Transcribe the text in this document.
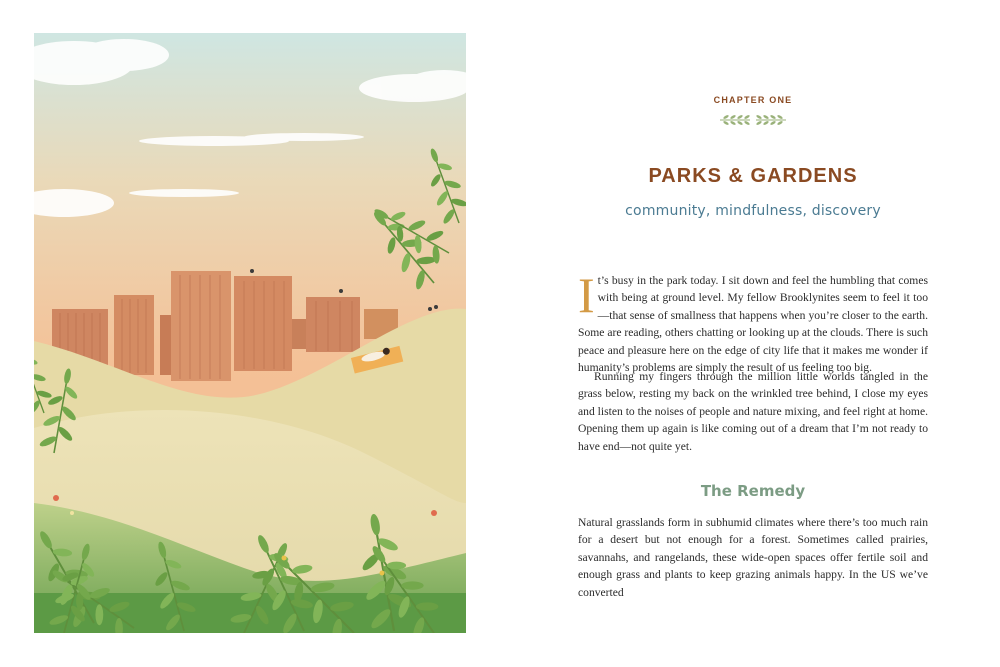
CHAPTER ONE
PARKS & GARDENS
community, mindfulness, discovery

It’s busy in the park today. I sit down and feel the humbling that comes with being at ground level. My fellow Brooklynites seem to feel it too—that sense of smallness that happens when you’re closer to the earth. Some are reading, others chatting or looking up at the clouds. There is such peace and pleasure here on the edge of city life that it makes me wonder if humanity’s problems are simply the result of us feeling too big.

Running my fingers through the million little worlds tangled in the grass below, resting my back on the wrinkled tree behind, I close my eyes and listen to the noises of people and nature mixing, and feel right at home. Opening them up again is like coming out of a dream that I’m not ready to have end—not quite yet.

The Remedy

Natural grasslands form in subhumid climates where there’s too much rain for a desert but not enough for a forest. Sometimes called prairies, savannahs, and rangelands, these wide-open spaces offer fertile soil and enough grass and plants to keep grazing animals happy. In the US we’ve converted
